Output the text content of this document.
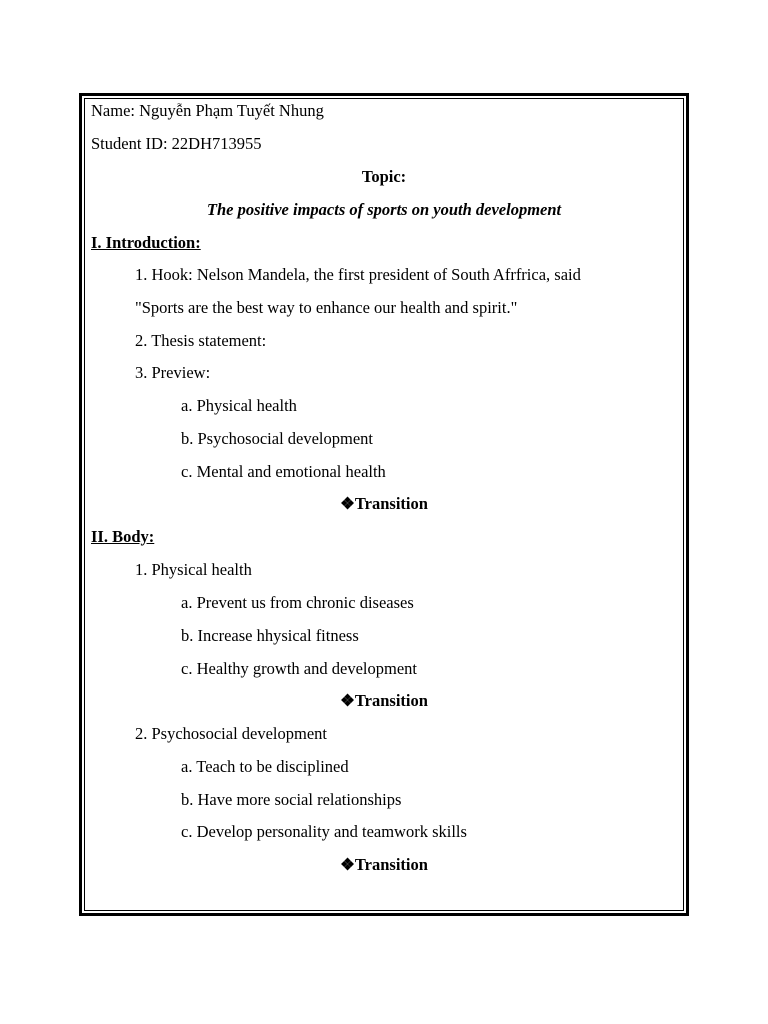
Name: Nguyễn Phạm Tuyết Nhung
Student ID: 22DH713955
Topic:
The positive impacts of sports on youth development
I. Introduction:
1. Hook: Nelson Mandela, the first president of South Afrfrica, said
"Sports are the best way to enhance our health and spirit."
2. Thesis statement:
3. Preview:
a. Physical health
b. Psychosocial development
c. Mental and emotional health
❖Transition
II. Body:
1. Physical health
a. Prevent us from chronic diseases
b. Increase hhysical fitness
c. Healthy growth and development
❖Transition
2. Psychosocial development
a. Teach to be disciplined
b. Have more social relationships
c. Develop personality and teamwork skills
❖Transition
